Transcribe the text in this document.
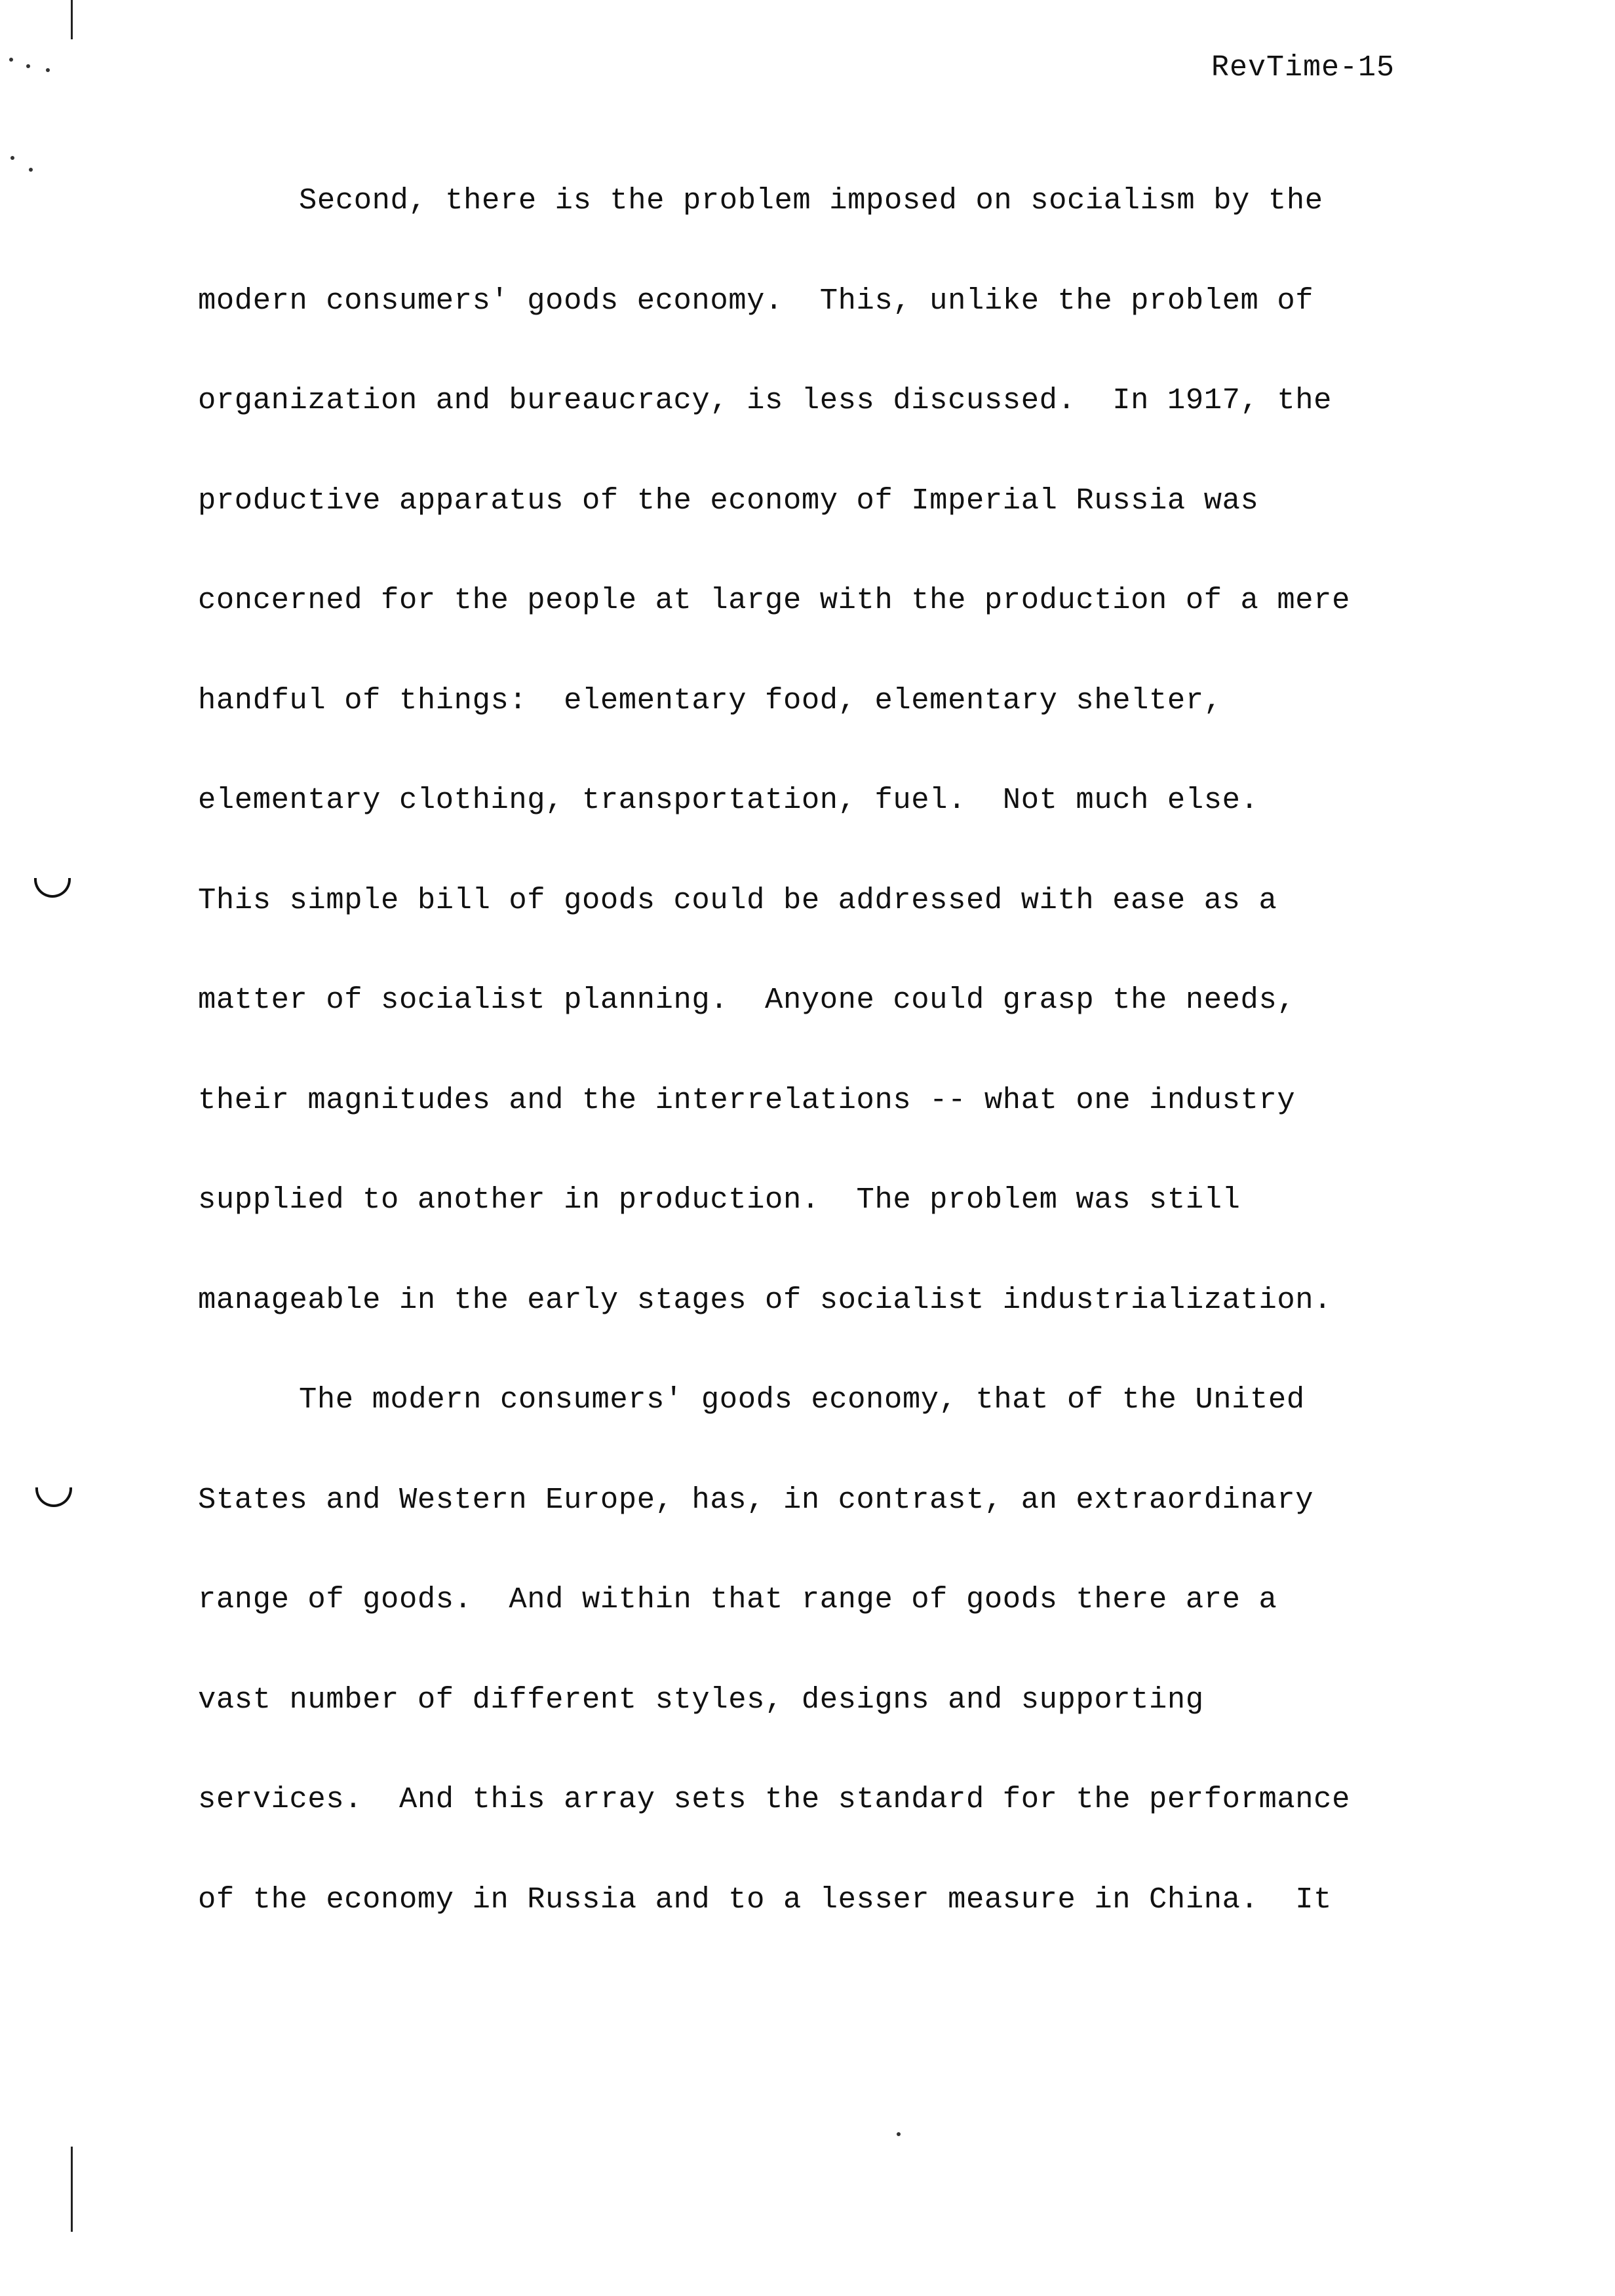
RevTime-15
Second, there is the problem imposed on socialism by the
modern consumers' goods economy.  This, unlike the problem of
organization and bureaucracy, is less discussed.  In 1917, the
productive apparatus of the economy of Imperial Russia was
concerned for the people at large with the production of a mere
handful of things:  elementary food, elementary shelter,
elementary clothing, transportation, fuel.  Not much else.
This simple bill of goods could be addressed with ease as a
matter of socialist planning.  Anyone could grasp the needs,
their magnitudes and the interrelations -- what one industry
supplied to another in production.  The problem was still
manageable in the early stages of socialist industrialization.
The modern consumers' goods economy, that of the United
States and Western Europe, has, in contrast, an extraordinary
range of goods.  And within that range of goods there are a
vast number of different styles, designs and supporting
services.  And this array sets the standard for the performance
of the economy in Russia and to a lesser measure in China.  It
